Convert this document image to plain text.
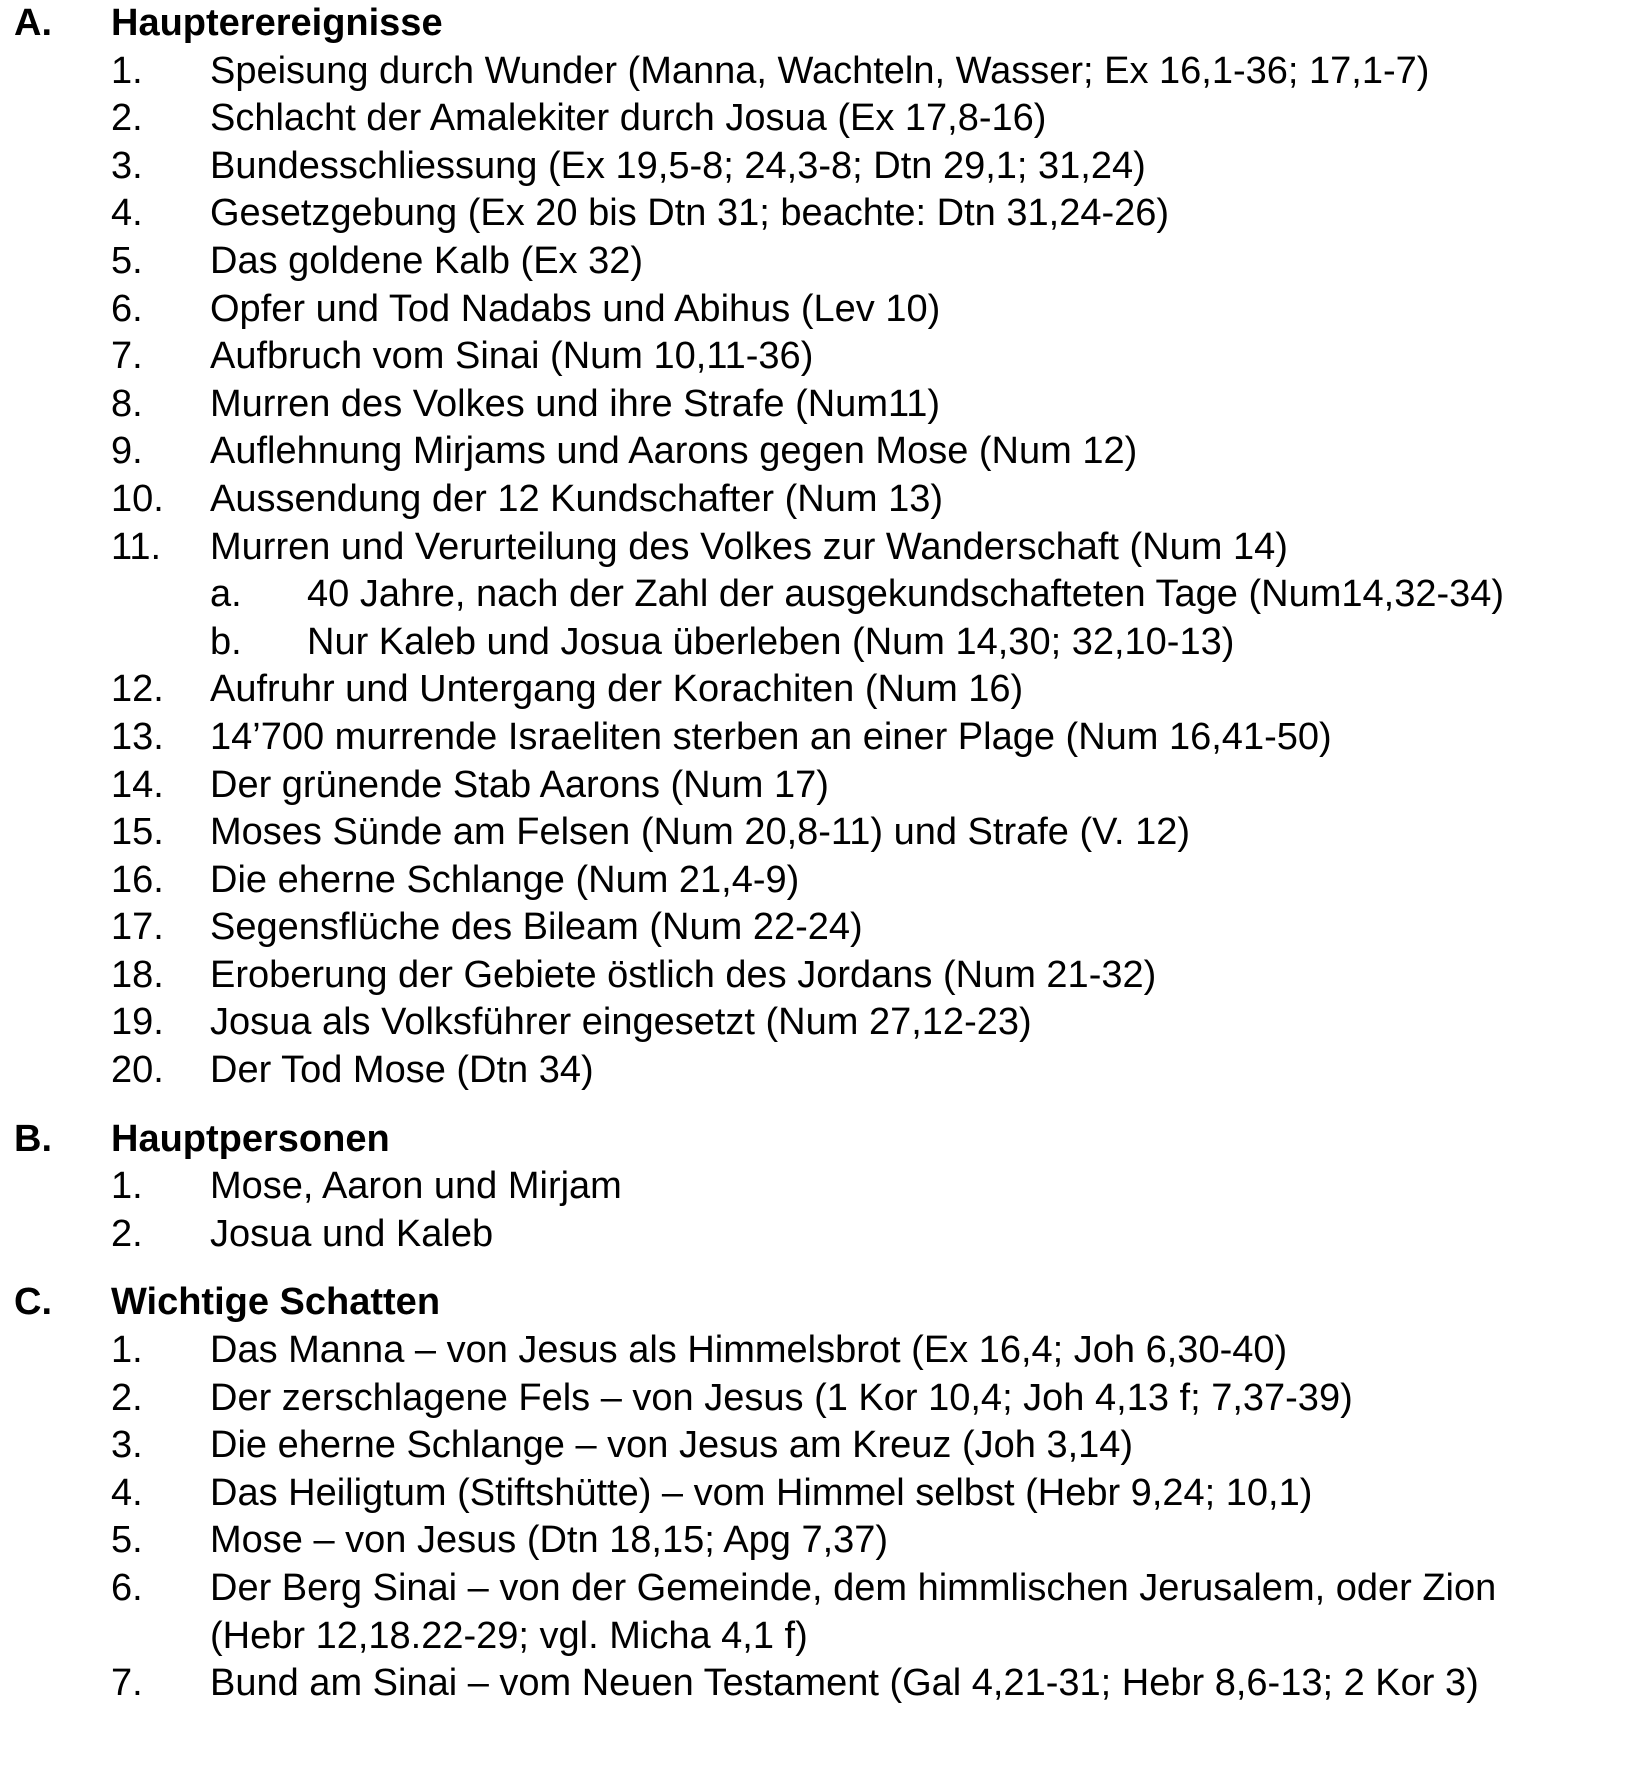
A. Haupterereignisse
1. Speisung durch Wunder (Manna, Wachteln, Wasser; Ex 16,1-36; 17,1-7)
2. Schlacht der Amalekiter durch Josua (Ex 17,8-16)
3. Bundesschliessung (Ex 19,5-8; 24,3-8; Dtn 29,1; 31,24)
4. Gesetzgebung (Ex 20 bis Dtn 31; beachte: Dtn 31,24-26)
5. Das goldene Kalb (Ex 32)
6. Opfer und Tod Nadabs und Abihus (Lev 10)
7. Aufbruch vom Sinai (Num 10,11-36)
8. Murren des Volkes und ihre Strafe (Num11)
9. Auflehnung Mirjams und Aarons gegen Mose (Num 12)
10. Aussendung der 12 Kundschafter (Num 13)
11. Murren und Verurteilung des Volkes zur Wanderschaft (Num 14)
a. 40 Jahre, nach der Zahl der ausgekundschafteten Tage (Num14,32-34)
b. Nur Kaleb und Josua überleben (Num 14,30; 32,10-13)
12. Aufruhr und Untergang der Korachiten (Num 16)
13. 14’700 murrende Israeliten sterben an einer Plage (Num 16,41-50)
14. Der grünende Stab Aarons (Num 17)
15. Moses Sünde am Felsen (Num 20,8-11) und Strafe (V. 12)
16. Die eherne Schlange (Num 21,4-9)
17. Segensflüche des Bileam (Num 22-24)
18. Eroberung der Gebiete östlich des Jordans (Num 21-32)
19. Josua als Volksführer eingesetzt (Num 27,12-23)
20. Der Tod Mose (Dtn 34)
B. Hauptpersonen
1. Mose, Aaron und Mirjam
2. Josua und Kaleb
C. Wichtige Schatten
1. Das Manna – von Jesus als Himmelsbrot (Ex 16,4; Joh 6,30-40)
2. Der zerschlagene Fels – von Jesus (1 Kor 10,4; Joh 4,13 f; 7,37-39)
3. Die eherne Schlange – von Jesus am Kreuz (Joh 3,14)
4. Das Heiligtum (Stiftshütte) – vom Himmel selbst (Hebr 9,24; 10,1)
5. Mose – von Jesus (Dtn 18,15; Apg 7,37)
6. Der Berg Sinai – von der Gemeinde, dem himmlischen Jerusalem, oder Zion
(Hebr 12,18.22-29; vgl. Micha 4,1 f)
7. Bund am Sinai – vom Neuen Testament (Gal 4,21-31; Hebr 8,6-13; 2 Kor 3)
